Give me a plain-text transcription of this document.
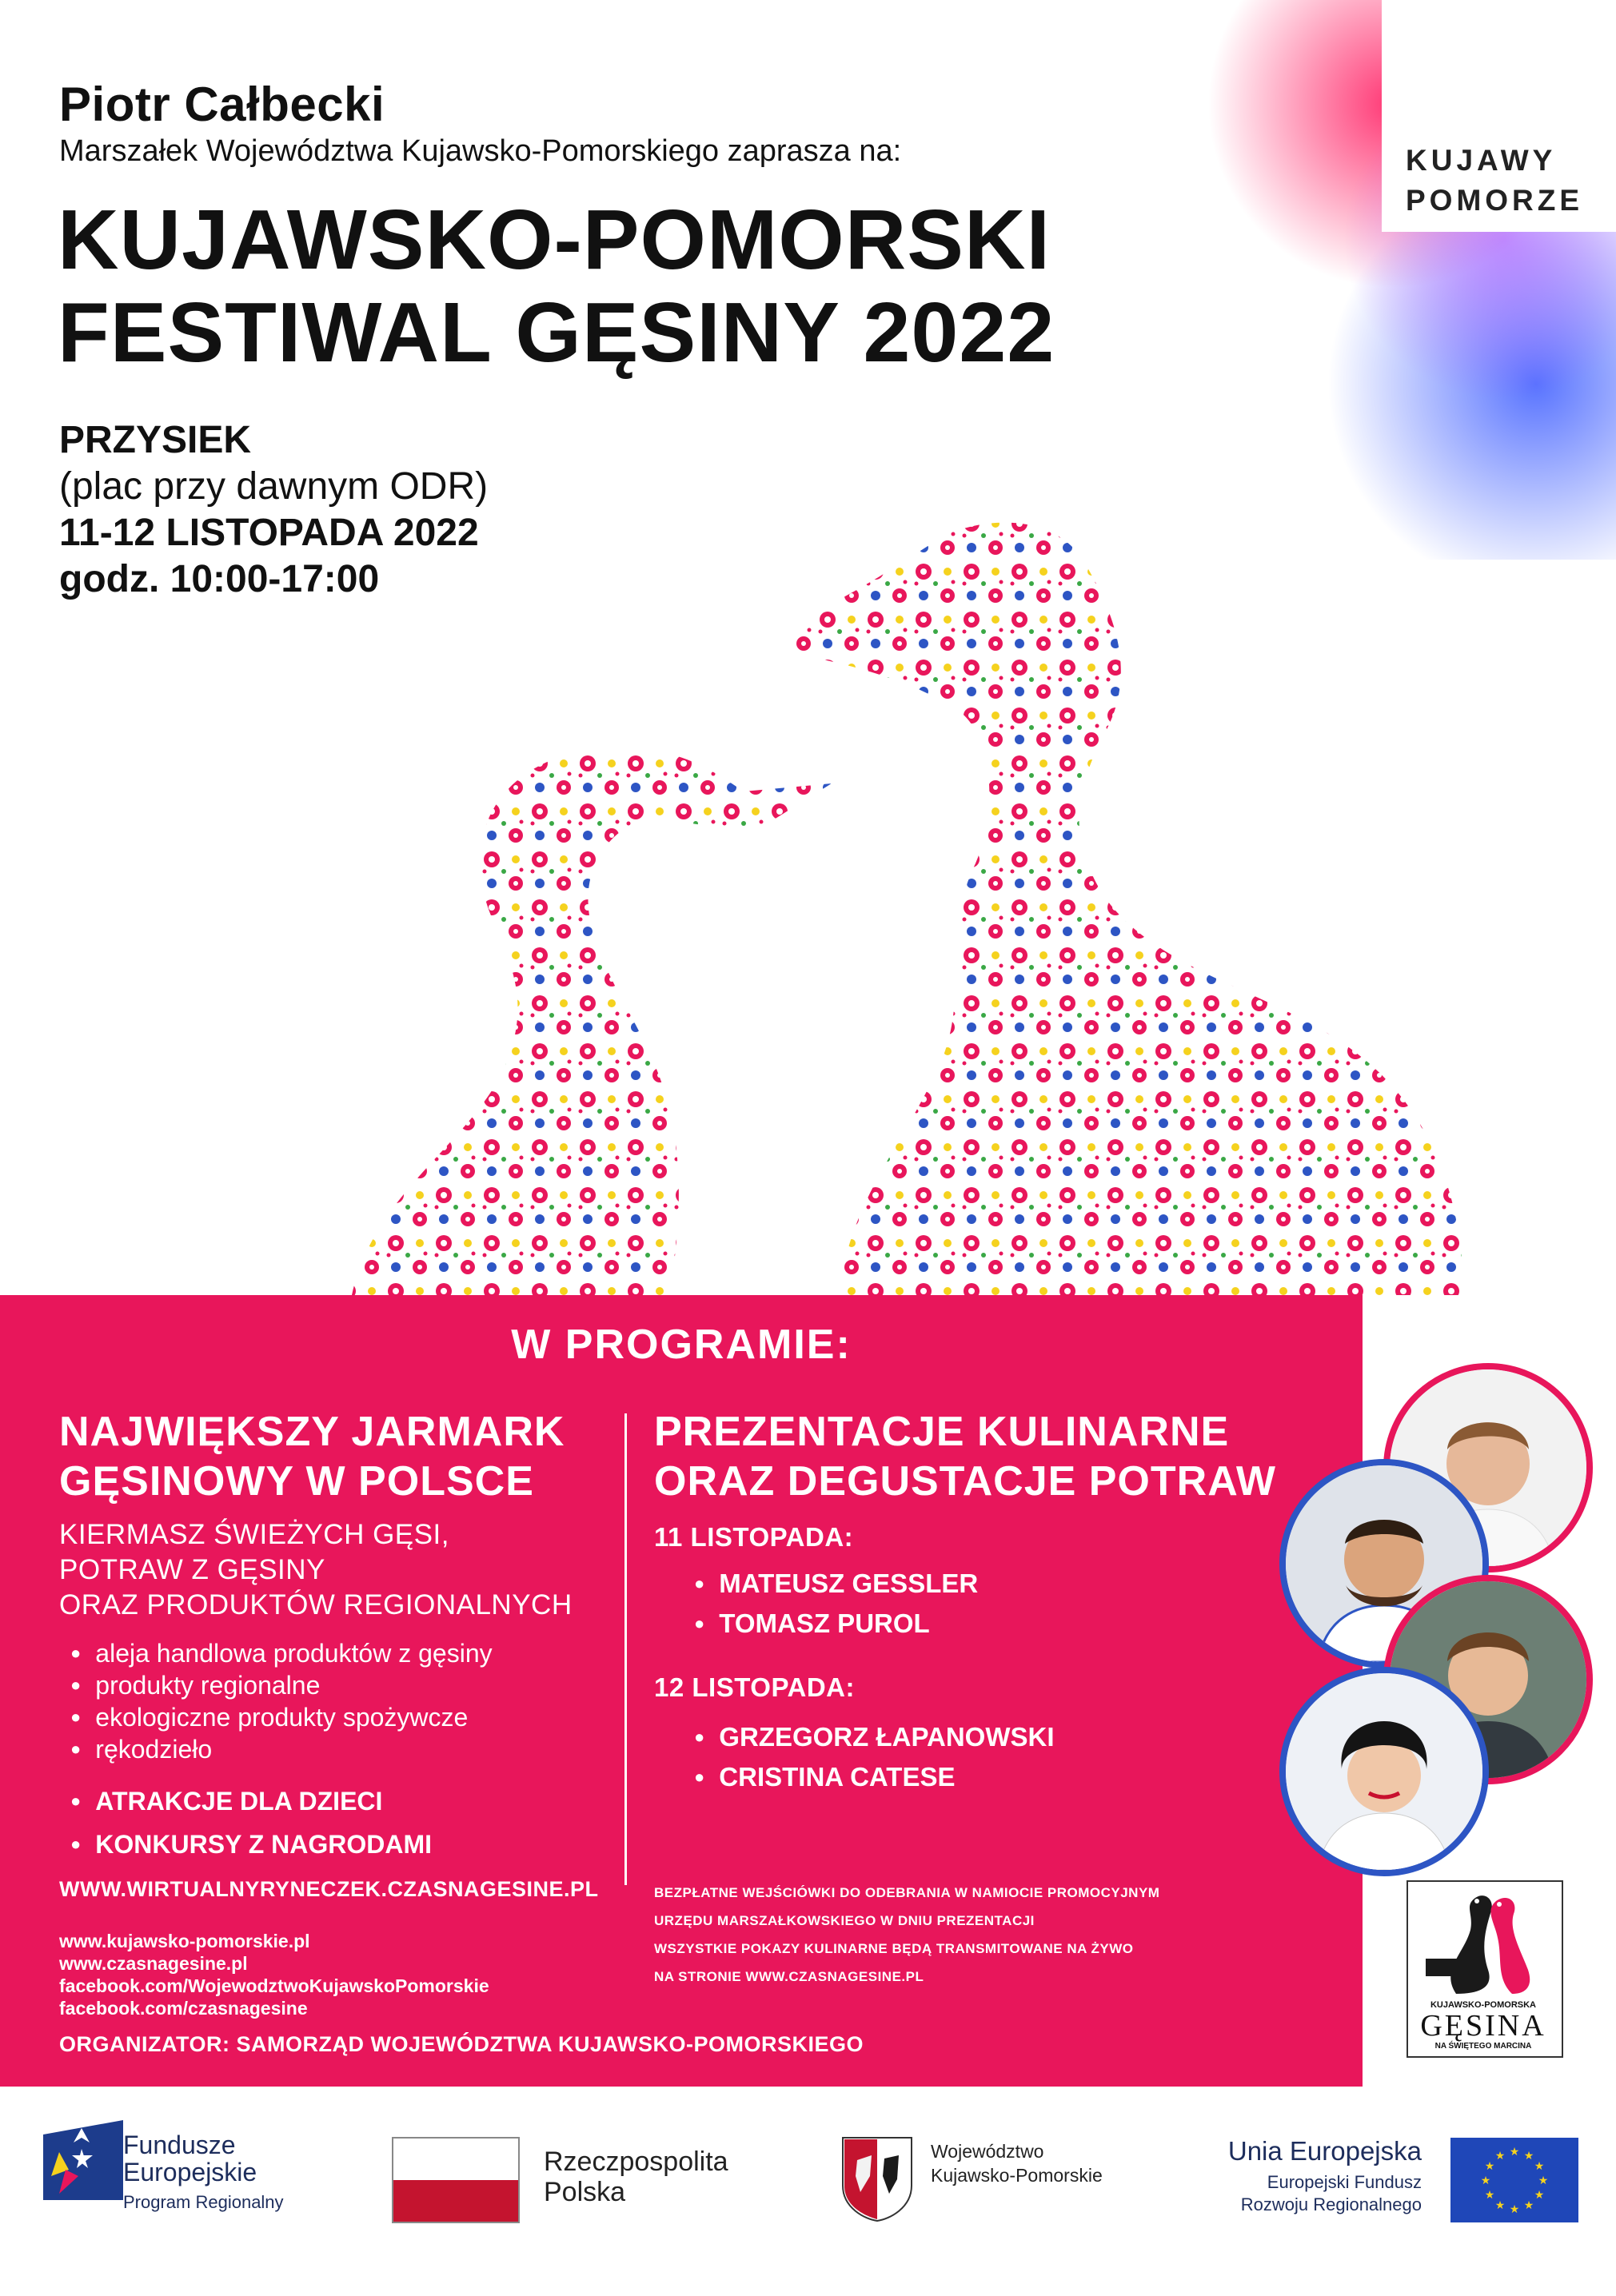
KUJAWY
POMORZE
Piotr Całbecki
Marszałek Województwa Kujawsko-Pomorskiego zaprasza na:
KUJAWSKO-POMORSKI
FESTIWAL GĘSINY 2022
PRZYSIEK
(plac przy dawnym ODR)
11-12 LISTOPADA 2022
godz. 10:00-17:00
W PROGRAMIE:
NAJWIĘKSZY JARMARK
GĘSINOWY W POLSCE
KIERMASZ ŚWIEŻYCH GĘSI,
POTRAW Z GĘSINY
ORAZ PRODUKTÓW REGIONALNYCH
● aleja handlowa produktów z gęsiny
● produkty regionalne
● ekologiczne produkty spożywcze
● rękodzieło
● ATRAKCJE DLA DZIECI
● KONKURSY Z NAGRODAMI
WWW.WIRTUALNYRYNECZEK.CZASNAGESINE.PL
www.kujawsko-pomorskie.pl
www.czasnagesine.pl
facebook.com/WojewodztwoKujawskoPomorskie
facebook.com/czasnagesine
ORGANIZATOR: SAMORZĄD WOJEWÓDZTWA KUJAWSKO-POMORSKIEGO
PREZENTACJE KULINARNE
ORAZ DEGUSTACJE POTRAW
11 LISTOPADA:
● MATEUSZ GESSLER
● TOMASZ PUROL
12 LISTOPADA:
● GRZEGORZ ŁAPANOWSKI
● CRISTINA CATESE
BEZPŁATNE WEJŚCIÓWKI DO ODEBRANIA W NAMIOCIE PROMOCYJNYM
URZĘDU MARSZAŁKOWSKIEGO W DNIU PREZENTACJI
WSZYSTKIE POKAZY KULINARNE BĘDĄ TRANSMITOWANE NA ŻYWO
NA STRONIE WWW.CZASNAGESINE.PL
KUJAWSKO-POMORSKA
GĘSINA
NA ŚWIĘTEGO MARCINA
Fundusze
Europejskie
Program Regionalny
Rzeczpospolita
Polska
Województwo
Kujawsko-Pomorskie
Unia Europejska
Europejski Fundusz
Rozwoju Regionalnego
★ ★
★
★
★
★
★
★
★
★
★
★
